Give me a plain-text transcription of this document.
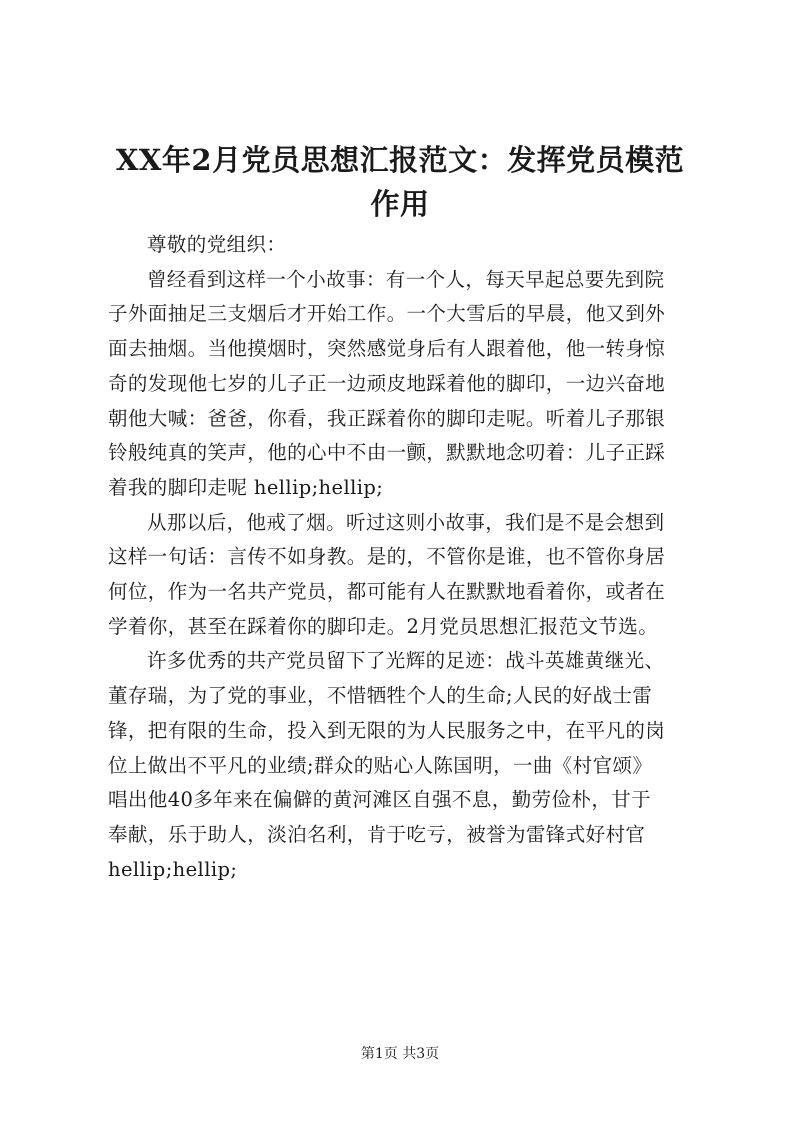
XX年2月党员思想汇报范文：发挥党员模范
作用

尊敬的党组织：

曾经看到这样一个小故事：有一个人，每天早起总要先到院
子外面抽足三支烟后才开始工作。一个大雪后的早晨，他又到外
面去抽烟。当他摸烟时，突然感觉身后有人跟着他，他一转身惊
奇的发现他七岁的儿子正一边顽皮地踩着他的脚印，一边兴奋地
朝他大喊：爸爸，你看，我正踩着你的脚印走呢。听着儿子那银
铃般纯真的笑声，他的心中不由一颤，默默地念叨着：儿子正踩
着我的脚印走呢 hellip;hellip;

从那以后，他戒了烟。听过这则小故事，我们是不是会想到
这样一句话：言传不如身教。是的，不管你是谁，也不管你身居
何位，作为一名共产党员，都可能有人在默默地看着你，或者在
学着你，甚至在踩着你的脚印走。2月党员思想汇报范文节选。

许多优秀的共产党员留下了光辉的足迹：战斗英雄黄继光、
董存瑞，为了党的事业，不惜牺牲个人的生命;人民的好战士雷
锋，把有限的生命，投入到无限的为人民服务之中，在平凡的岗
位上做出不平凡的业绩;群众的贴心人陈国明，一曲《村官颂》
唱出他40多年来在偏僻的黄河滩区自强不息，勤劳俭朴，甘于
奉献，乐于助人，淡泊名利，肯于吃亏，被誉为雷锋式好村官
hellip;hellip;

第1页 共3页
